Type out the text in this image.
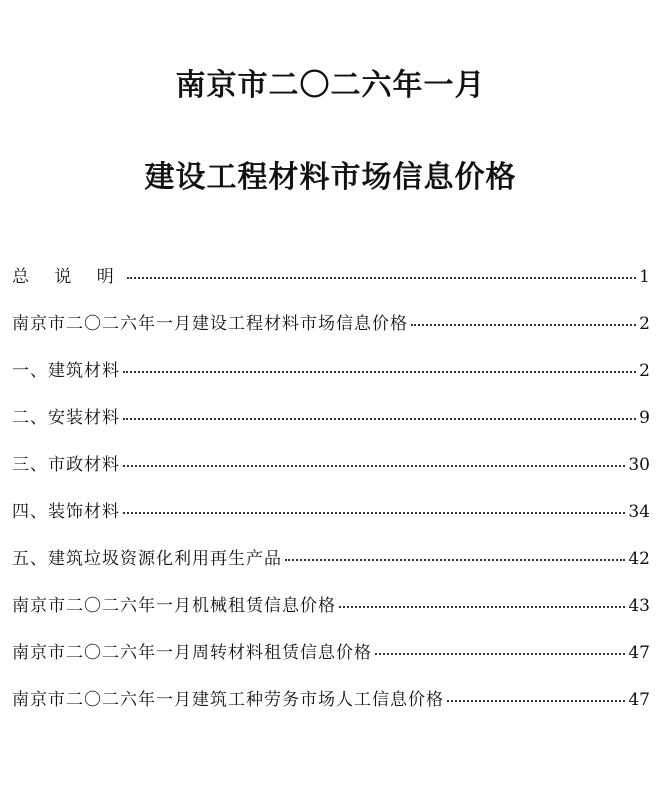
南京市二〇二六年一月
建设工程材料市场信息价格
总 说 明	1
南京市二〇二六年一月建设工程材料市场信息价格	2
一、建筑材料	2
二、安装材料	9
三、市政材料	30
四、装饰材料	34
五、建筑垃圾资源化利用再生产品	42
南京市二〇二六年一月机械租赁信息价格	43
南京市二〇二六年一月周转材料租赁信息价格	47
南京市二〇二六年一月建筑工种劳务市场人工信息价格	47
